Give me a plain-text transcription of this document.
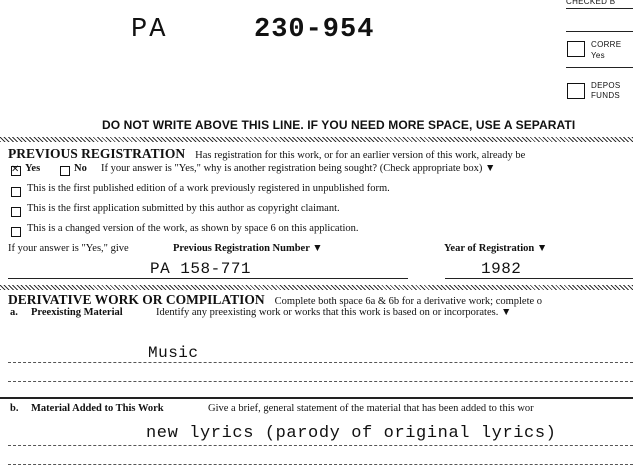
CHECKED B
CORRE
Yes
DEPOS
FUNDS
PA	230-954
DO NOT WRITE ABOVE THIS LINE. IF YOU NEED MORE SPACE, USE A SEPARATI
PREVIOUS REGISTRATION Has registration for this work, or for an earlier version of this work, already be
✕
Yes	No If your answer is "Yes," why is another registration being sought? (Check appropriate box) ▼
This is the first published edition of a work previously registered in unpublished form.
This is the first application submitted by this author as copyright claimant.
This is a changed version of the work, as shown by space 6 on this application.
If your answer is "Yes," give	Previous Registration Number ▼	Year of Registration ▼
PA 158-771	1982
DERIVATIVE WORK OR COMPILATION Complete both space 6a & 6b for a derivative work; complete o
a. Preexisting Material	Identify any preexisting work or works that this work is based on or incorporates. ▼
Music
b. Material Added to This Work	Give a brief, general statement of the material that has been added to this wor
new lyrics (parody of original lyrics)
